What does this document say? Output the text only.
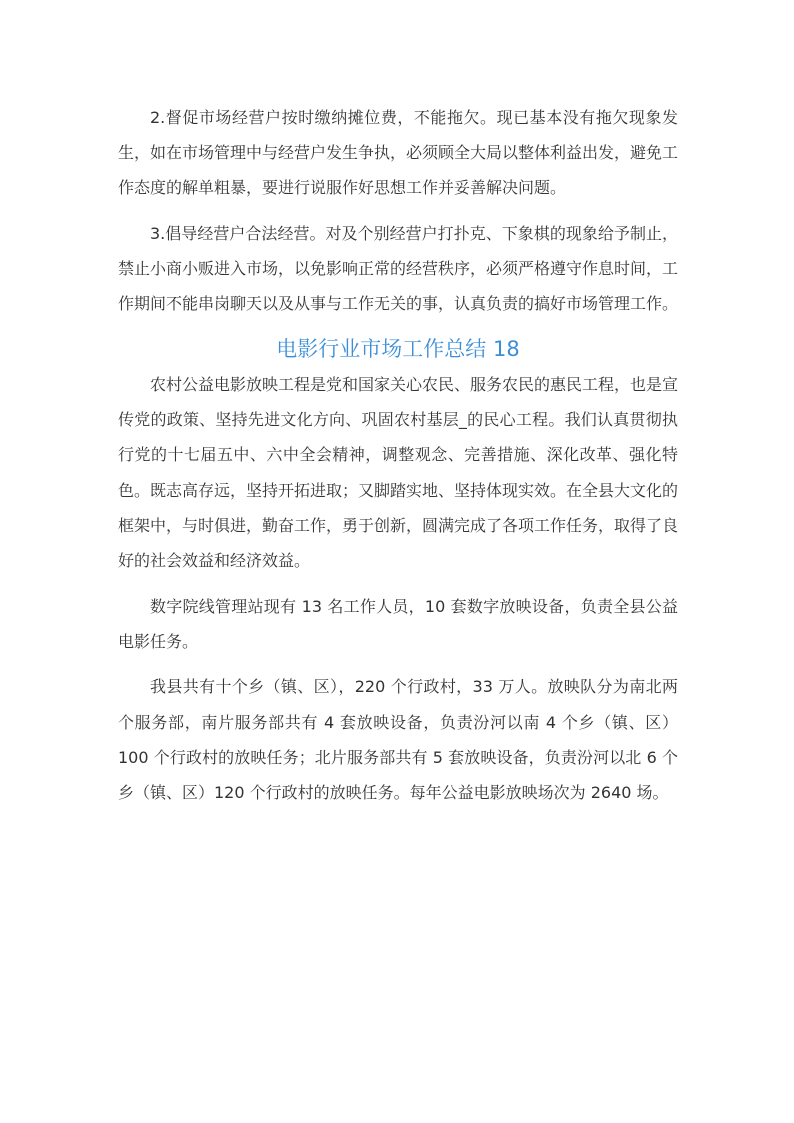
2.督促市场经营户按时缴纳摊位费，不能拖欠。现已基本没有拖欠现象发生，如在市场管理中与经营户发生争执，必须顾全大局以整体利益出发，避免工作态度的解单粗暴，要进行说服作好思想工作并妥善解决问题。

3.倡导经营户合法经营。对及个别经营户打扑克、下象棋的现象给予制止，禁止小商小贩进入市场，以免影响正常的经营秩序，必须严格遵守作息时间，工作期间不能串岗聊天以及从事与工作无关的事，认真负责的搞好市场管理工作。

电影行业市场工作总结 18

农村公益电影放映工程是党和国家关心农民、服务农民的惠民工程，也是宣传党的政策、坚持先进文化方向、巩固农村基层_的民心工程。我们认真贯彻执行党的十七届五中、六中全会精神，调整观念、完善措施、深化改革、强化特色。既志高存远，坚持开拓进取；又脚踏实地、坚持体现实效。在全县大文化的框架中，与时俱进，勤奋工作，勇于创新，圆满完成了各项工作任务，取得了良好的社会效益和经济效益。

数字院线管理站现有 13 名工作人员，10 套数字放映设备，负责全县公益电影任务。

我县共有十个乡（镇、区），220 个行政村，33 万人。放映队分为南北两个服务部，南片服务部共有 4 套放映设备，负责汾河以南 4 个乡（镇、区）100 个行政村的放映任务；北片服务部共有 5 套放映设备，负责汾河以北 6 个乡（镇、区）120 个行政村的放映任务。每年公益电影放映场次为 2640 场。
